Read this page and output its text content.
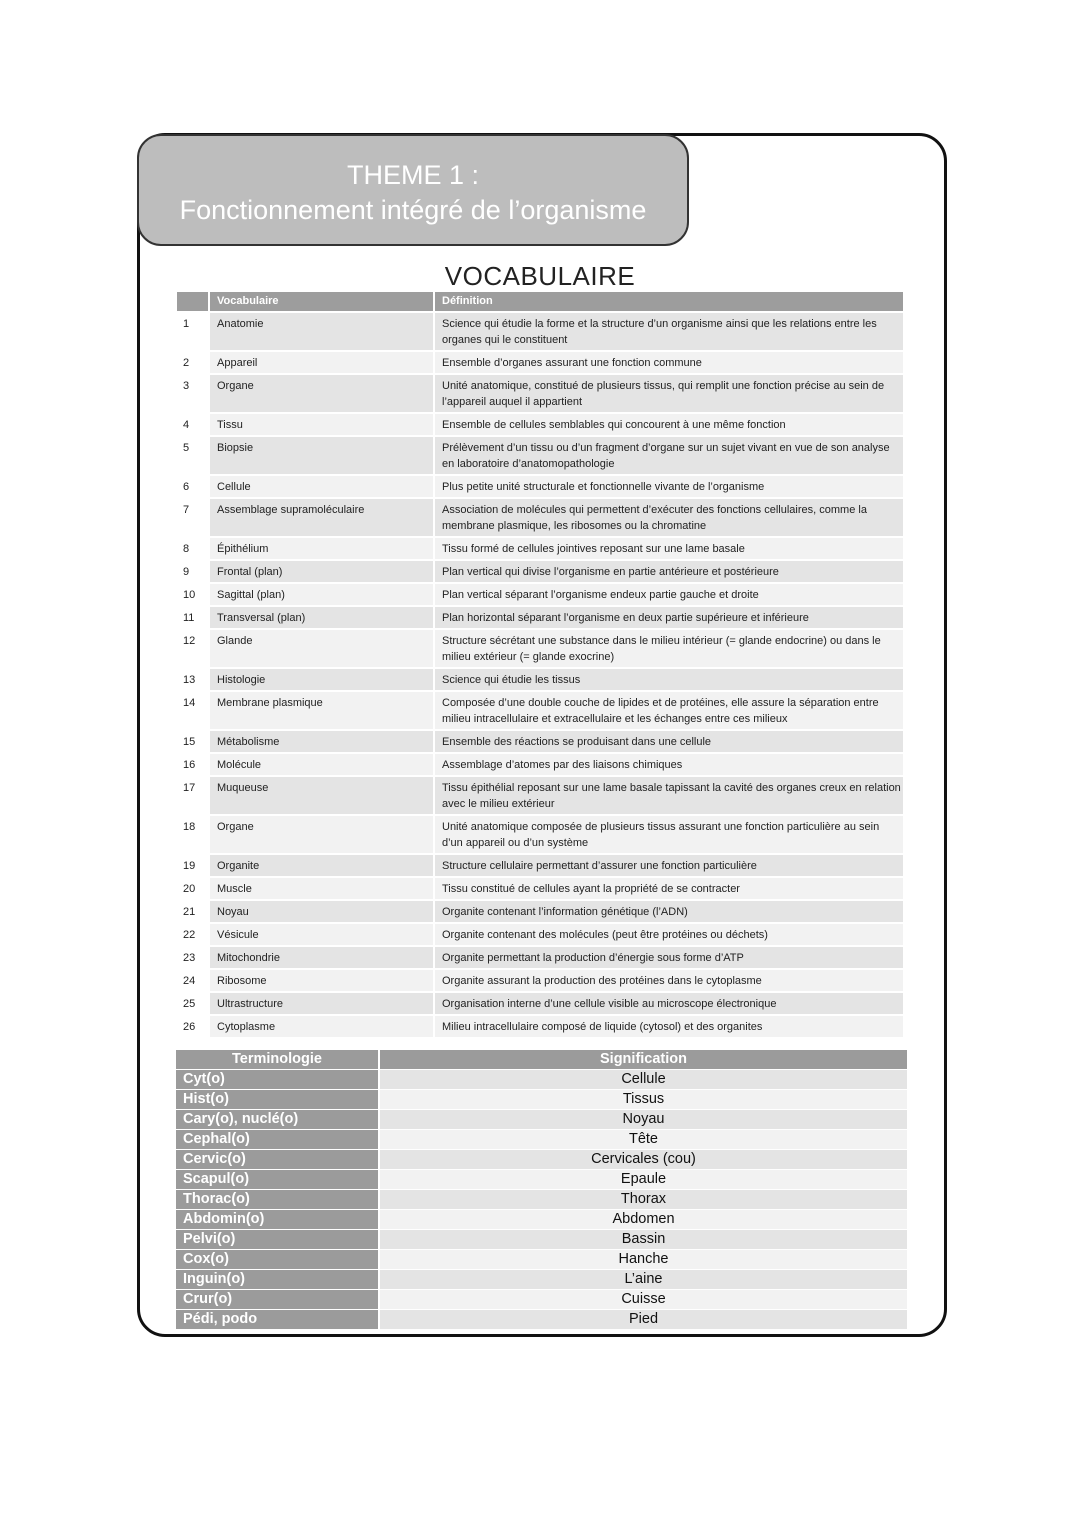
THEME 1 :
Fonctionnement intégré de l’organisme
VOCABULAIRE
Vocabulaire	Définition
1	Anatomie	Science qui étudie la forme et la structure d’un organisme ainsi que les relations entre les organes qui le constituent
2	Appareil	Ensemble d’organes assurant une fonction commune
3	Organe	Unité anatomique, constitué de plusieurs tissus, qui remplit une fonction précise au sein de l’appareil auquel il appartient
4	Tissu	Ensemble de cellules semblables qui concourent à une même fonction
5	Biopsie	Prélèvement d’un tissu ou d’un fragment d’organe sur un sujet vivant en vue de son analyse en laboratoire d’anatomopathologie
6	Cellule	Plus petite unité structurale et fonctionnelle vivante de l’organisme
7	Assemblage supramoléculaire	Association de molécules qui permettent d’exécuter des fonctions cellulaires, comme la membrane plasmique, les ribosomes ou la chromatine
8	Épithélium	Tissu formé de cellules jointives reposant sur une lame basale
9	Frontal (plan)	Plan vertical qui divise l’organisme en partie antérieure et postérieure
10	Sagittal (plan)	Plan vertical séparant l’organisme endeux partie gauche et droite
11	Transversal (plan)	Plan horizontal séparant l’organisme en deux partie supérieure et inférieure
12	Glande	Structure sécrétant une substance dans le milieu intérieur (= glande endocrine) ou dans le milieu extérieur (= glande exocrine)
13	Histologie	Science qui étudie les tissus
14	Membrane plasmique	Composée d’une double couche de lipides et de protéines, elle assure la séparation entre milieu intracellulaire et extracellulaire et les échanges entre ces milieux
15	Métabolisme	Ensemble des réactions se produisant dans une cellule
16	Molécule	Assemblage d’atomes par des liaisons chimiques
17	Muqueuse	Tissu épithélial reposant sur une lame basale tapissant la cavité des organes creux en relation avec le milieu extérieur
18	Organe	Unité anatomique composée de plusieurs tissus assurant une fonction particulière au sein d’un appareil ou d’un système
19	Organite	Structure cellulaire permettant d’assurer une fonction particulière
20	Muscle	Tissu constitué de cellules ayant la propriété de se contracter
21	Noyau	Organite contenant l’information génétique (l’ADN)
22	Vésicule	Organite contenant des molécules (peut être protéines ou déchets)
23	Mitochondrie	Organite permettant la production d’énergie sous forme d’ATP
24	Ribosome	Organite assurant la production des protéines dans le cytoplasme
25	Ultrastructure	Organisation interne d’une cellule visible au microscope électronique
26	Cytoplasme	Milieu intracellulaire composé de liquide (cytosol) et des organites
Terminologie	Signification
Cyt(o)	Cellule
Hist(o)	Tissus
Cary(o), nuclé(o)	Noyau
Cephal(o)	Tête
Cervic(o)	Cervicales (cou)
Scapul(o)	Epaule
Thorac(o)	Thorax
Abdomin(o)	Abdomen
Pelvi(o)	Bassin
Cox(o)	Hanche
Inguin(o)	L’aine
Crur(o)	Cuisse
Pédi, podo	Pied
